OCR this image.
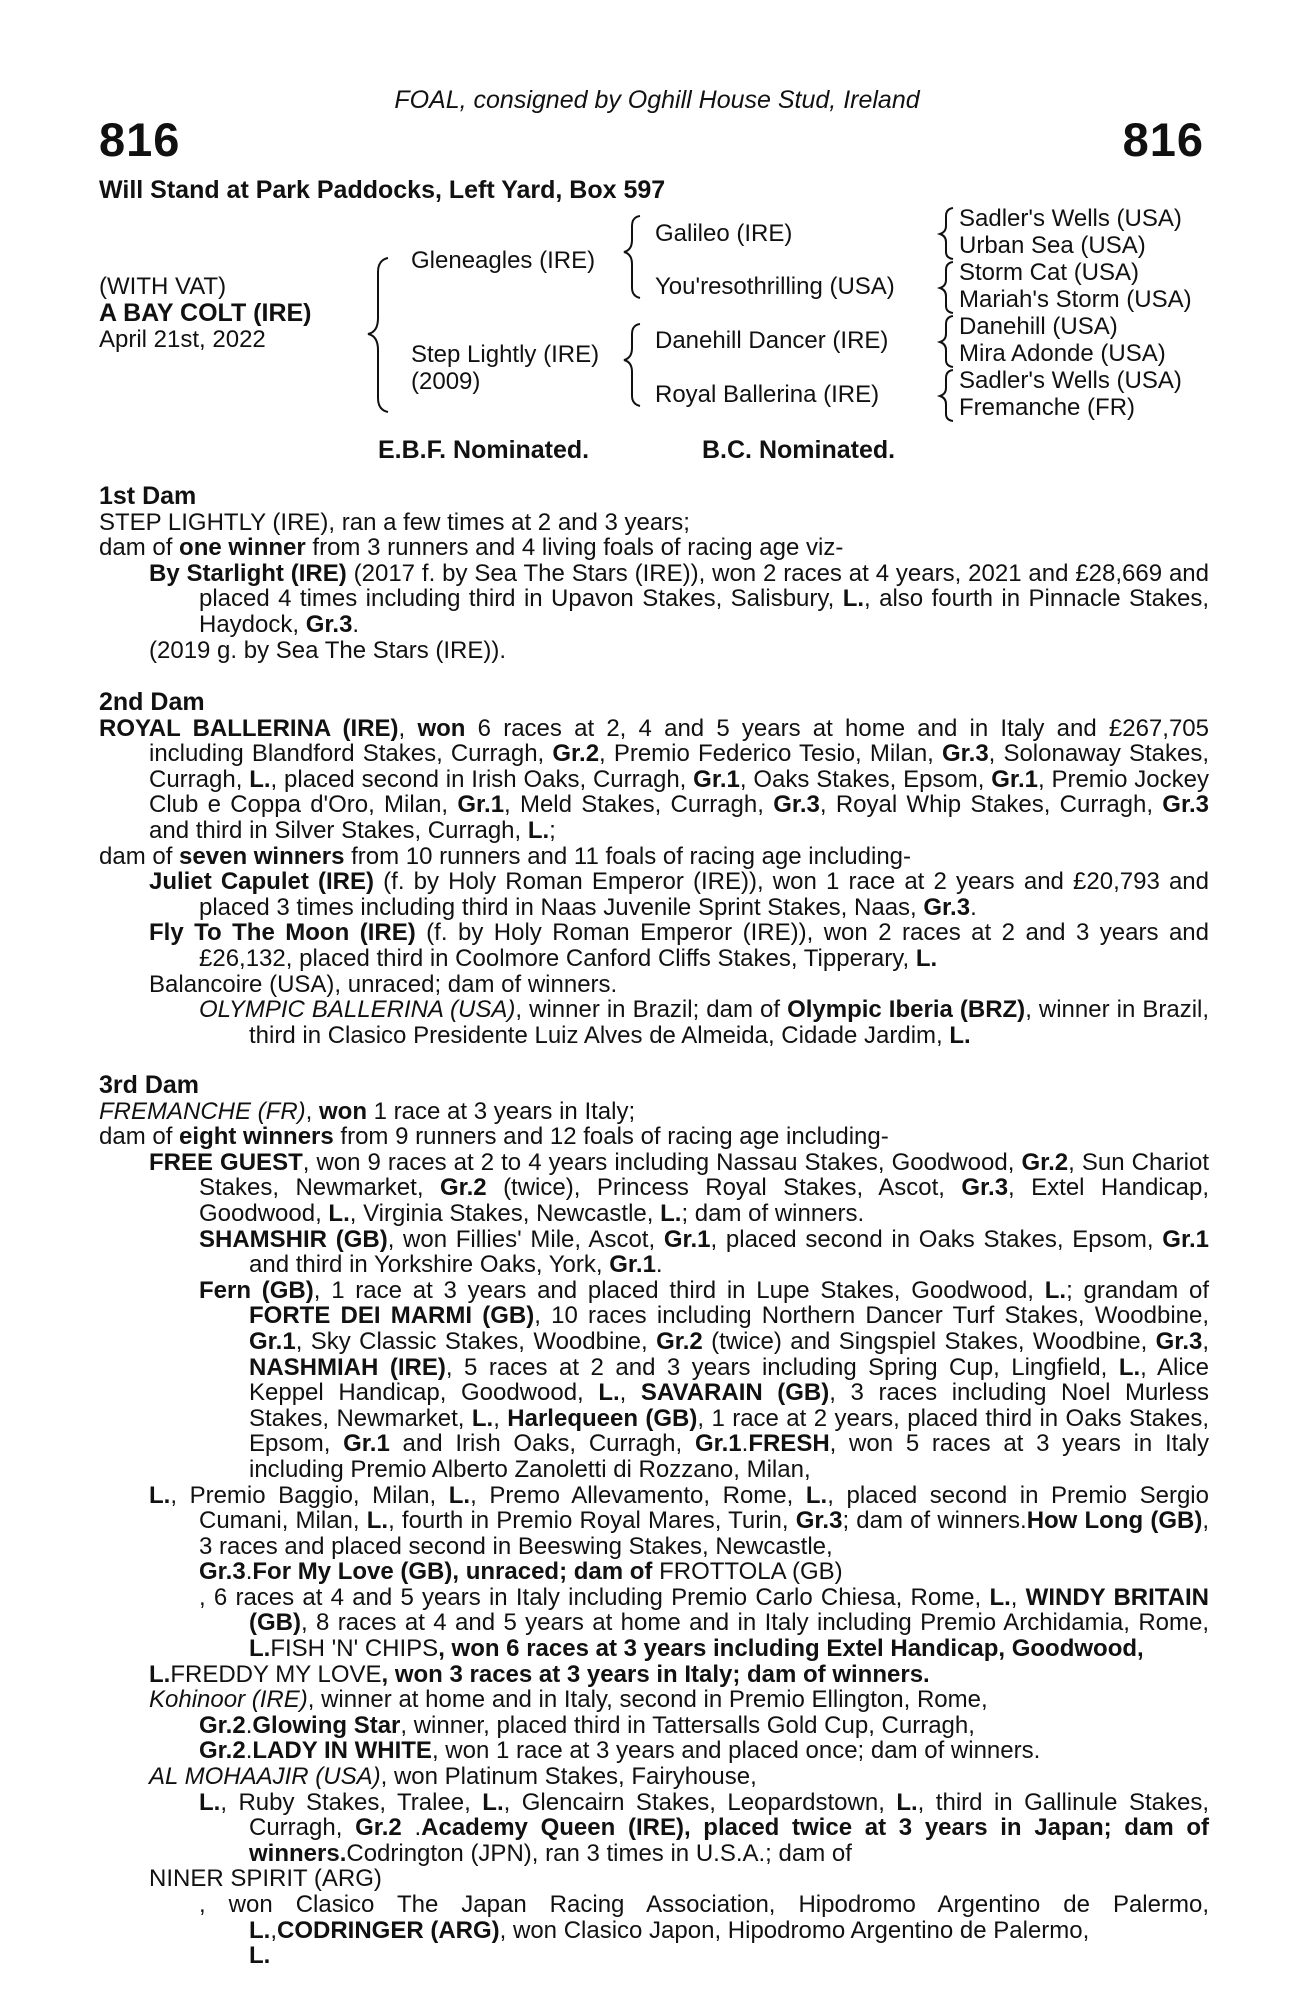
FOAL, consigned by Oghill House Stud, Ireland
816	816
Will Stand at Park Paddocks, Left Yard, Box 597
(WITH VAT)
A BAY COLT (IRE)
April 21st, 2022
Gleneagles (IRE)
Step Lightly (IRE)
(2009)
Galileo (IRE)
You'resothrilling (USA)
Danehill Dancer (IRE)
Royal Ballerina (IRE)
Sadler's Wells (USA)
Urban Sea (USA)
Storm Cat (USA)
Mariah's Storm (USA)
Danehill (USA)
Mira Adonde (USA)
Sadler's Wells (USA)
Fremanche (FR)
E.B.F. Nominated.	B.C. Nominated.

1st Dam

STEP LIGHTLY (IRE), ran a few times at 2 and 3 years;

dam of one winner from 3 runners and 4 living foals of racing age viz-

By Starlight (IRE) (2017 f. by Sea The Stars (IRE)), won 2 races at 4 years, 2021 and £28,669 and placed 4 times including third in Upavon Stakes, Salisbury, L., also fourth in Pinnacle Stakes, Haydock, Gr.3.

(2019 g. by Sea The Stars (IRE)).

2nd Dam

ROYAL BALLERINA (IRE), won 6 races at 2, 4 and 5 years at home and in Italy and £267,705 including Blandford Stakes, Curragh, Gr.2, Premio Federico Tesio, Milan, Gr.3, Solonaway Stakes, Curragh, L., placed second in Irish Oaks, Curragh, Gr.1, Oaks Stakes, Epsom, Gr.1, Premio Jockey Club e Coppa d'Oro, Milan, Gr.1, Meld Stakes, Curragh, Gr.3, Royal Whip Stakes, Curragh, Gr.3 and third in Silver Stakes, Curragh, L.;

dam of seven winners from 10 runners and 11 foals of racing age including-

Juliet Capulet (IRE) (f. by Holy Roman Emperor (IRE)), won 1 race at 2 years and £20,793 and placed 3 times including third in Naas Juvenile Sprint Stakes, Naas, Gr.3.

Fly To The Moon (IRE) (f. by Holy Roman Emperor (IRE)), won 2 races at 2 and 3 years and £26,132, placed third in Coolmore Canford Cliffs Stakes, Tipperary, L.

Balancoire (USA), unraced; dam of winners.

OLYMPIC BALLERINA (USA), winner in Brazil; dam of Olympic Iberia (BRZ), winner in Brazil, third in Clasico Presidente Luiz Alves de Almeida, Cidade Jardim, L.

3rd Dam

FREMANCHE (FR), won 1 race at 3 years in Italy;

dam of eight winners from 9 runners and 12 foals of racing age including-

FREE GUEST, won 9 races at 2 to 4 years including Nassau Stakes, Goodwood, Gr.2, Sun Chariot Stakes, Newmarket, Gr.2 (twice), Princess Royal Stakes, Ascot, Gr.3, Extel Handicap, Goodwood, L., Virginia Stakes, Newcastle, L.; dam of winners.

SHAMSHIR (GB), won Fillies' Mile, Ascot, Gr.1, placed second in Oaks Stakes, Epsom, Gr.1 and third in Yorkshire Oaks, York, Gr.1.

Fern (GB), 1 race at 3 years and placed third in Lupe Stakes, Goodwood, L.; grandam of FORTE DEI MARMI (GB), 10 races including Northern Dancer Turf Stakes, Woodbine, Gr.1, Sky Classic Stakes, Woodbine, Gr.2 (twice) and Singspiel Stakes, Woodbine, Gr.3, NASHMIAH (IRE), 5 races at 2 and 3 years including Spring Cup, Lingfield, L., Alice Keppel Handicap, Goodwood, L., SAVARAIN (GB), 3 races including Noel Murless Stakes, Newmarket, L., Harlequeen (GB), 1 race at 2 years, placed third in Oaks Stakes, Epsom, Gr.1 and Irish Oaks, Curragh, Gr.1.FRESH, won 5 races at 3 years in Italy including Premio Alberto Zanoletti di Rozzano, Milan,

L., Premio Baggio, Milan, L., Premo Allevamento, Rome, L., placed second in Premio Sergio Cumani, Milan, L., fourth in Premio Royal Mares, Turin, Gr.3; dam of winners.How Long (GB), 3 races and placed second in Beeswing Stakes, Newcastle,

Gr.3.For My Love (GB), unraced; dam of FROTTOLA (GB)

, 6 races at 4 and 5 years in Italy including Premio Carlo Chiesa, Rome, L., WINDY BRITAIN (GB), 8 races at 4 and 5 years at home and in Italy including Premio Archidamia, Rome, L.FISH 'N' CHIPS, won 6 races at 3 years including Extel Handicap, Goodwood,

L.FREDDY MY LOVE, won 3 races at 3 years in Italy; dam of winners.

Kohinoor (IRE), winner at home and in Italy, second in Premio Ellington, Rome,

Gr.2.Glowing Star, winner, placed third in Tattersalls Gold Cup, Curragh,

Gr.2.LADY IN WHITE, won 1 race at 3 years and placed once; dam of winners.

AL MOHAAJIR (USA), won Platinum Stakes, Fairyhouse,

L., Ruby Stakes, Tralee, L., Glencairn Stakes, Leopardstown, L., third in Gallinule Stakes, Curragh, Gr.2 .Academy Queen (IRE), placed twice at 3 years in Japan; dam of winners.Codrington (JPN), ran 3 times in U.S.A.; dam of

NINER SPIRIT (ARG)

, won Clasico The Japan Racing Association, Hipodromo Argentino de Palermo, L.,CODRINGER (ARG), won Clasico Japon, Hipodromo Argentino de Palermo,

L.
